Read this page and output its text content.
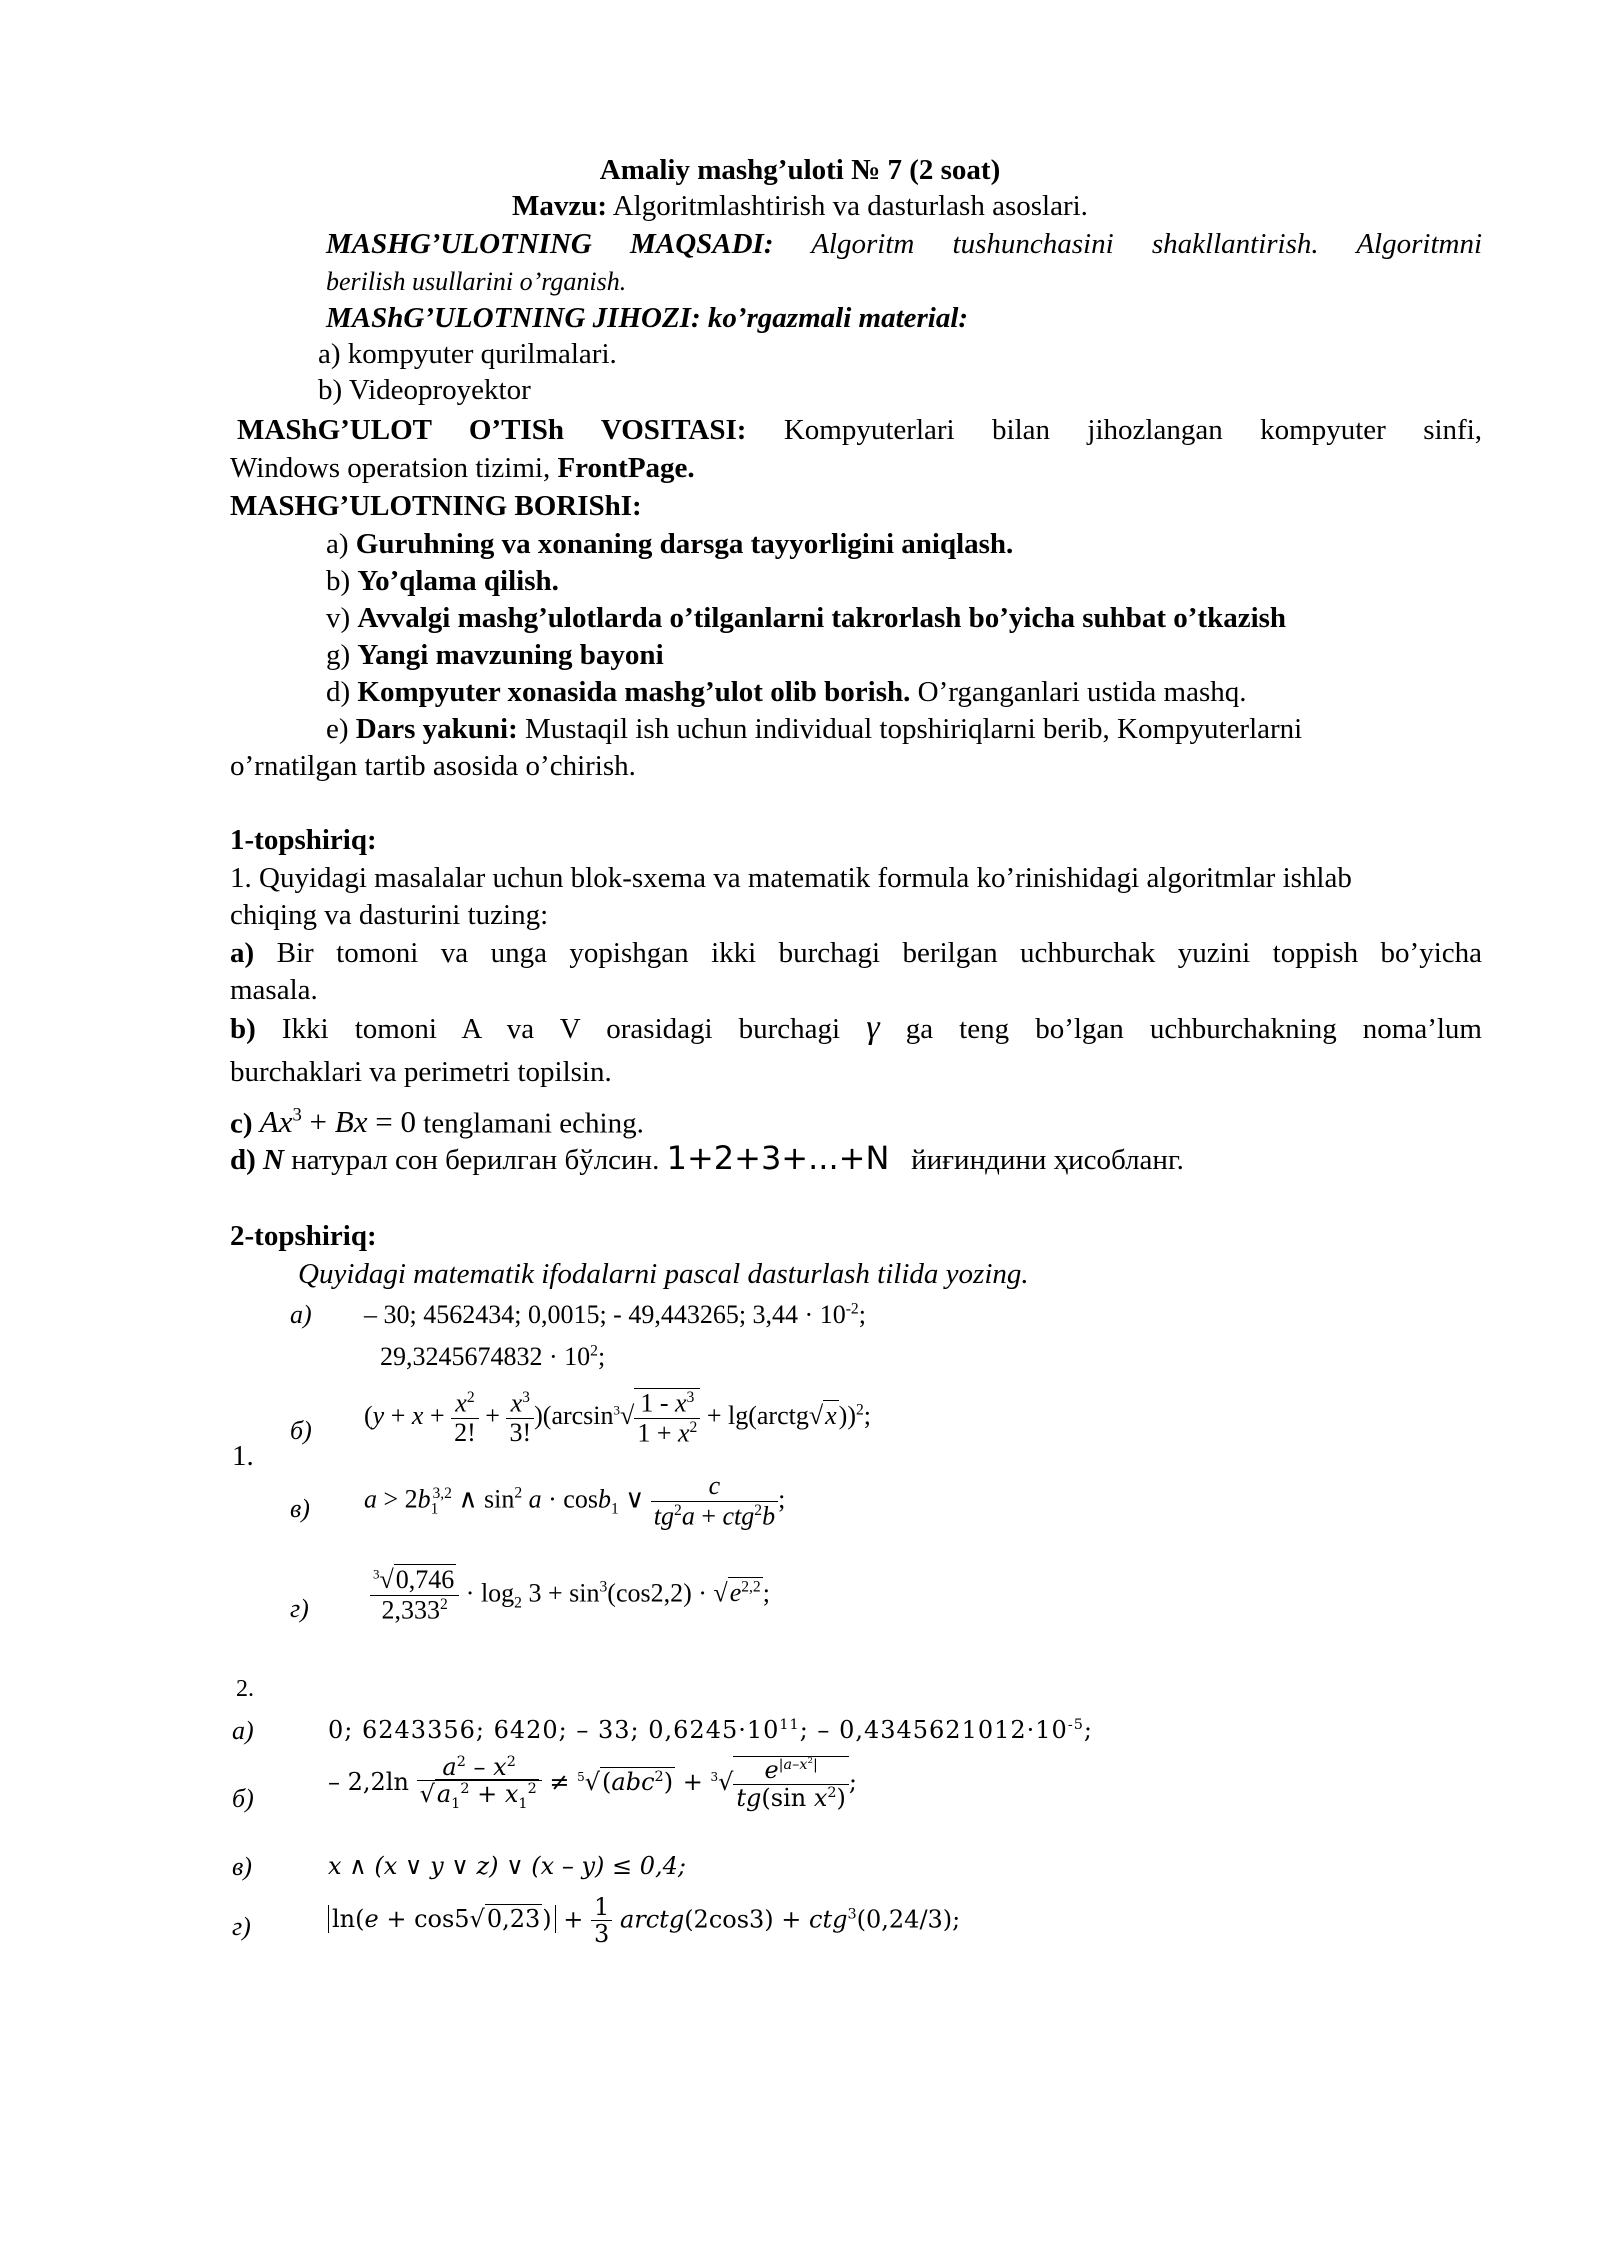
Amaliy mashg’uloti № 7 (2 soat)
Mavzu: Algoritmlashtirish va dasturlash asoslari.
MASHG’ULOTNING MAQSADI: Algoritm tushunchasini shakllantirish. Algoritmni
berilish usullarini o’rganish.
MAShG’ULOTNING JIHOZI: ko’rgazmali material:
a) kompyuter qurilmalari.
b) Videoproyektor
MAShG’ULOT O’TISh VOSITASI: Kompyuterlari bilan jihozlangan kompyuter sinfi,
Windows operatsion tizimi, FrontPage.
MASHG’ULOTNING BORIShI:
a) Guruhning va xonaning darsga tayyorligini aniqlash.
b) Yo’qlama qilish.
v) Avvalgi mashg’ulotlarda o’tilganlarni takrorlash bo’yicha suhbat o’tkazish
g) Yangi mavzuning bayoni
d) Kompyuter xonasida mashg’ulot olib borish. O’rganganlari ustida mashq.
e) Dars yakuni: Mustaqil ish uchun individual topshiriqlarni berib, Kompyuterlarni
o’rnatilgan tartib asosida o’chirish.
1-topshiriq:
1. Quyidagi masalalar uchun blok-sxema va matematik formula ko’rinishidagi algoritmlar ishlab
chiqing va dasturini tuzing:
a) Bir tomoni va unga yopishgan ikki burchagi berilgan uchburchak yuzini toppish bo’yicha
masala.
b) Ikki tomoni A va V orasidagi burchagi γ ga teng bo’lgan uchburchakning noma’lum
burchaklari va perimetri topilsin.
c) $Ax^3 + Bx = 0$ tenglamani eching.
d) N натурал сон берилган бўлсин. 1+2+3+...+N йиғиндини ҳисобланг.
2-topshiriq:
Quyidagi matematik ifodalarni pascal dasturlash tilida yozing.
а) – 30; 4562434; 0,0015; - 49,443265; $3,44 \cdot 10^{-2}$;
$29,3245674832 \cdot 10^2$;
1.
б)
$(y + x + \frac{x^2}{2!} + \frac{x^3}{3!} )(\arcsin^3√ \frac{1 - x^3}{1 + x^2}$ + lg(arctg√x))$^2$;
в) $a > 2b_1^{3,2}$ ∧ $\sin^2 a \cdot \cos b_1$ ∨ $\frac{c}{tg^2a + ctg^2b}$ ;
г)	$\frac{^3√0,746}{2,333^2} \cdot \log_2 3 + \sin^3(\cos 2,2) \cdot √e^{2,2}$;
2.
а)	0; 6243356; 6420; – 33; $0,6245\cdot 10^{11}$; – $0,4345621012\cdot 10^{-5}$;
б)
– $2,2\ln \frac{a^2 - x^2}{√a_1^2 + x_1^2} \ne ^5√(abc^2) + ^3√ \frac{e^{|a-x^2|}}{tg(\sin x^2)}$ ;
в)	x ∧ (x ∨ y ∨ z) ∨ (x – y) ≤ 0,4;
г)	$\ln(e + \cos 5√0,23) + \frac{1}{3}$ arctg(2cos3) + ctg$^3$(0,24/3);
